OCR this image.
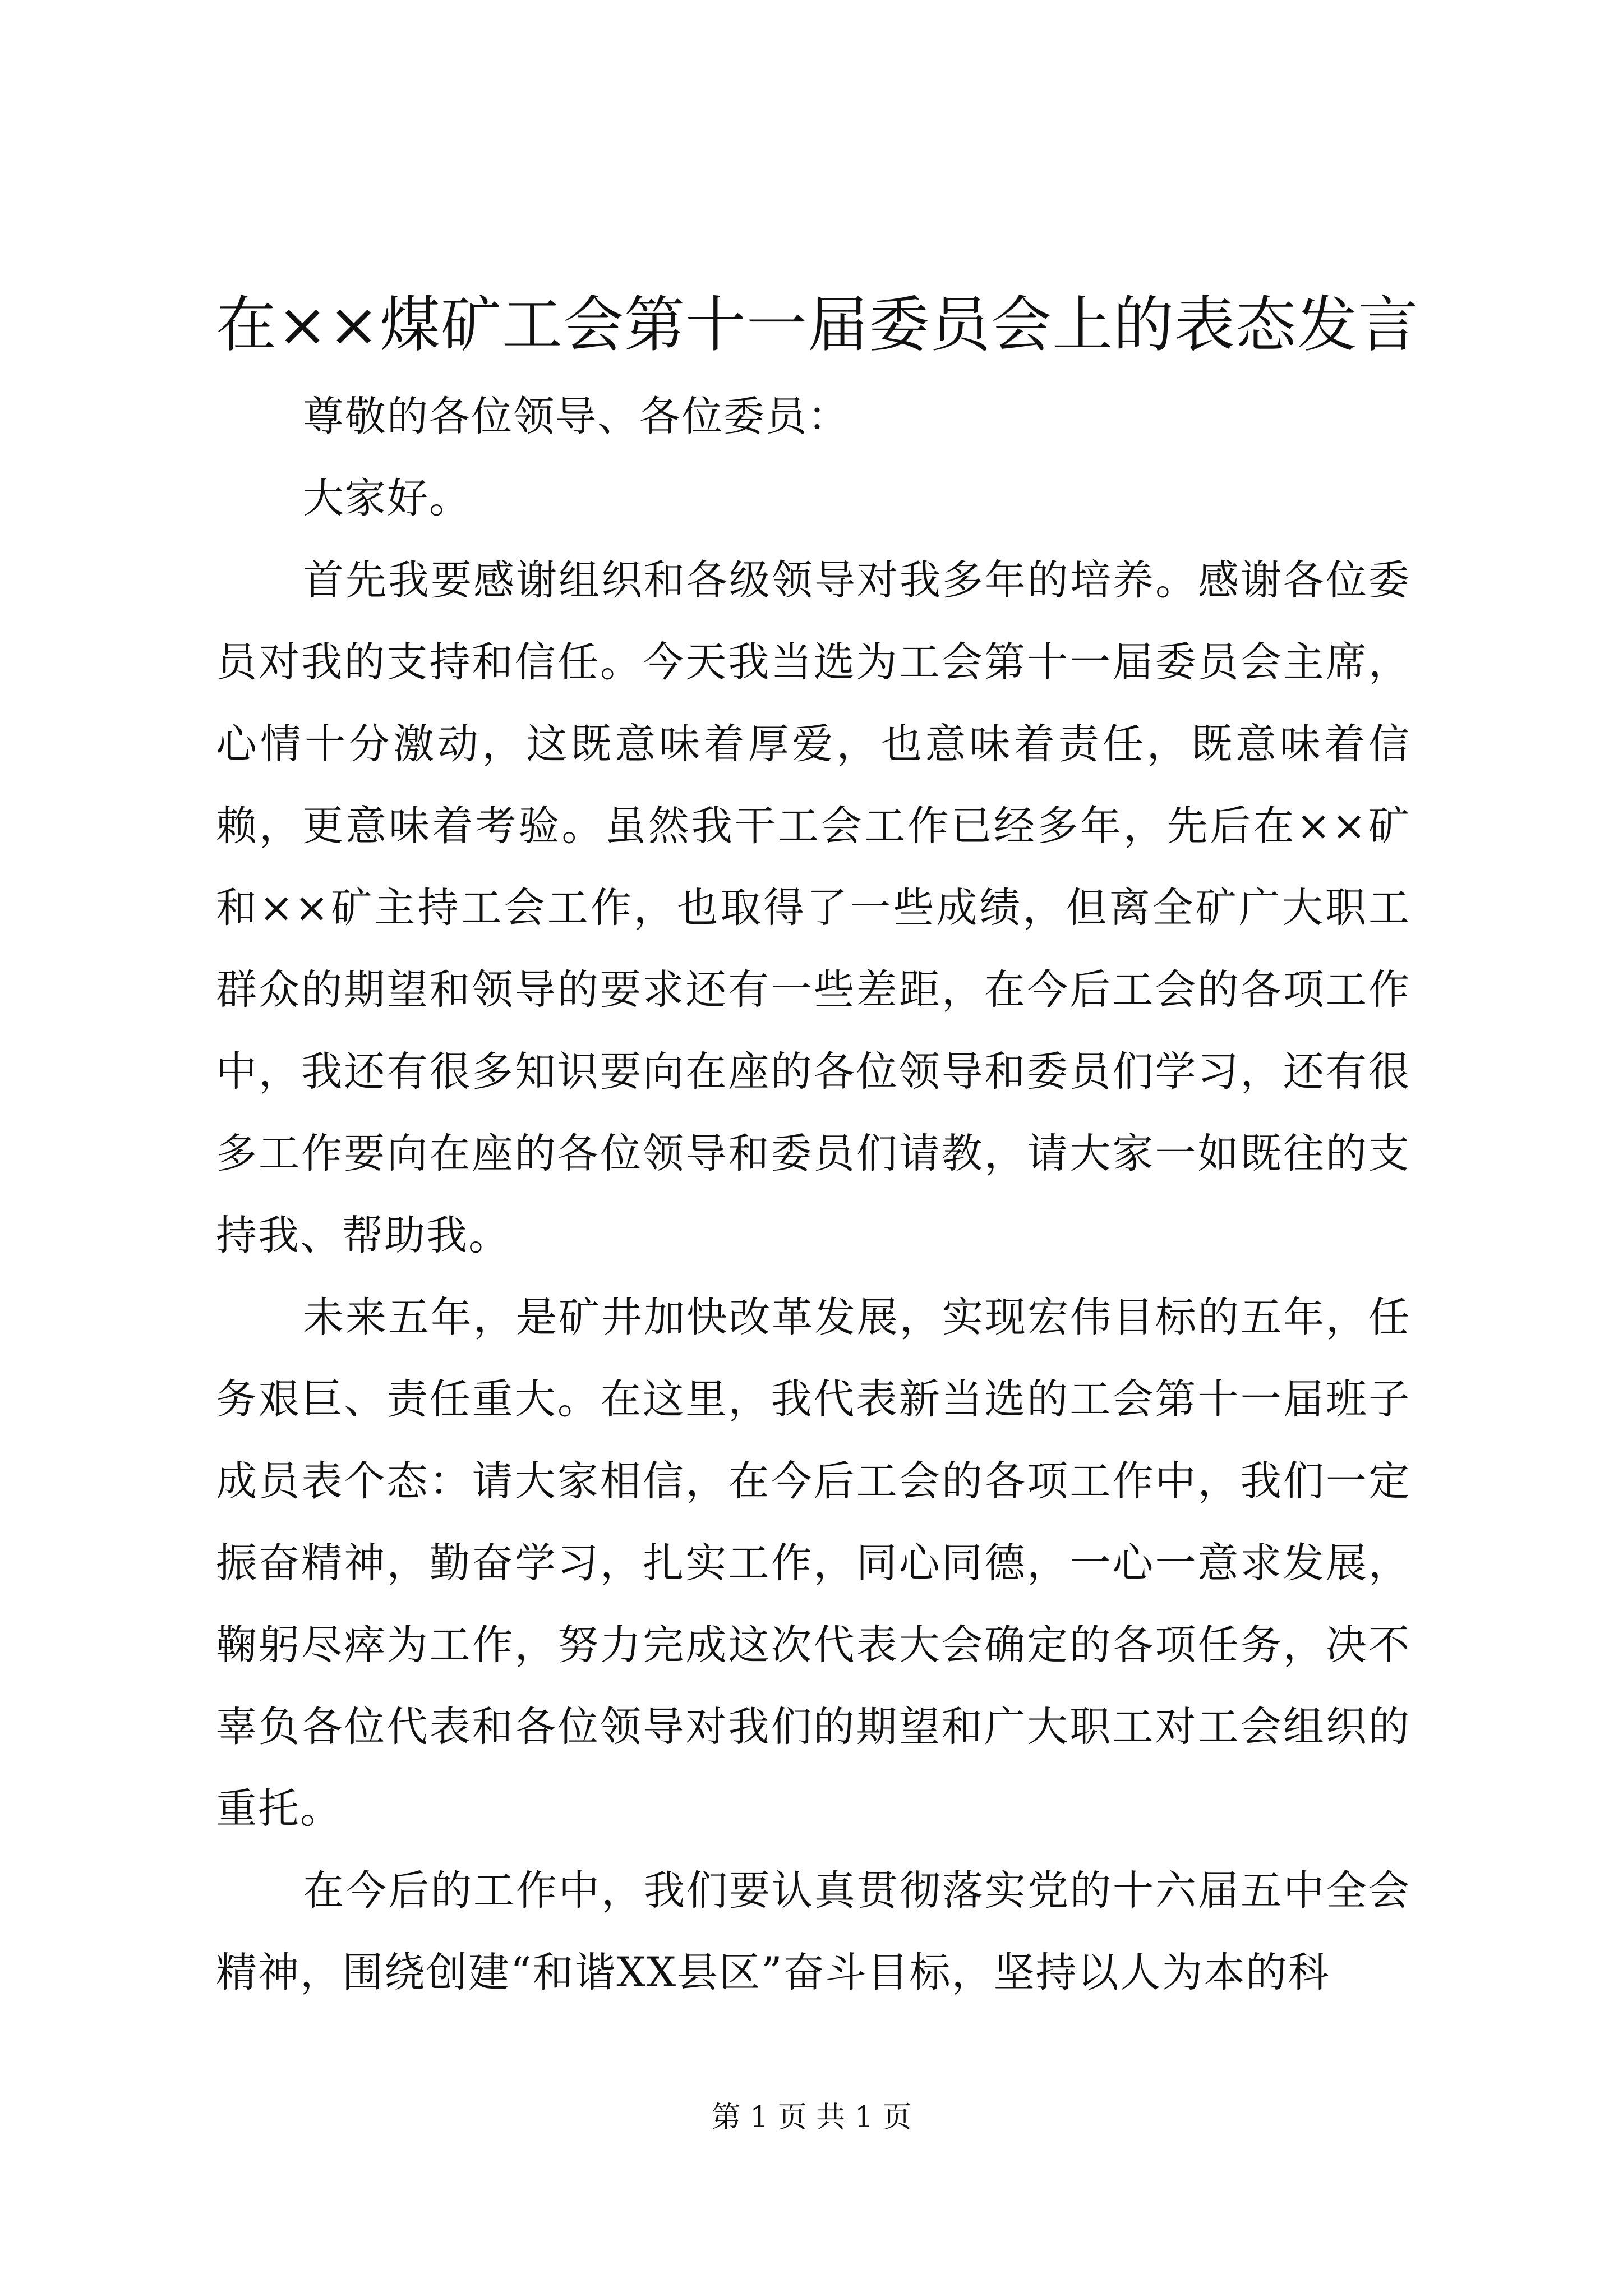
在××煤矿工会第十一届委员会上的表态发言

尊敬的各位领导、各位委员：

大家好。

首先我要感谢组织和各级领导对我多年的培养。感谢各位委员对我的支持和信任。今天我当选为工会第十一届委员会主席，心情十分激动，这既意味着厚爱，也意味着责任，既意味着信赖，更意味着考验。虽然我干工会工作已经多年，先后在××矿和××矿主持工会工作，也取得了一些成绩，但离全矿广大职工群众的期望和领导的要求还有一些差距，在今后工会的各项工作中，我还有很多知识要向在座的各位领导和委员们学习，还有很多工作要向在座的各位领导和委员们请教，请大家一如既往的支持我、帮助我。

未来五年，是矿井加快改革发展，实现宏伟目标的五年，任务艰巨、责任重大。在这里，我代表新当选的工会第十一届班子成员表个态：请大家相信，在今后工会的各项工作中，我们一定振奋精神，勤奋学习，扎实工作，同心同德，一心一意求发展，鞠躬尽瘁为工作，努力完成这次代表大会确定的各项任务，决不辜负各位代表和各位领导对我们的期望和广大职工对工会组织的重托。

在今后的工作中，我们要认真贯彻落实党的十六届五中全会精神，围绕创建“和谐XX县区”奋斗目标，坚持以人为本的科

第 1 页 共 1 页
